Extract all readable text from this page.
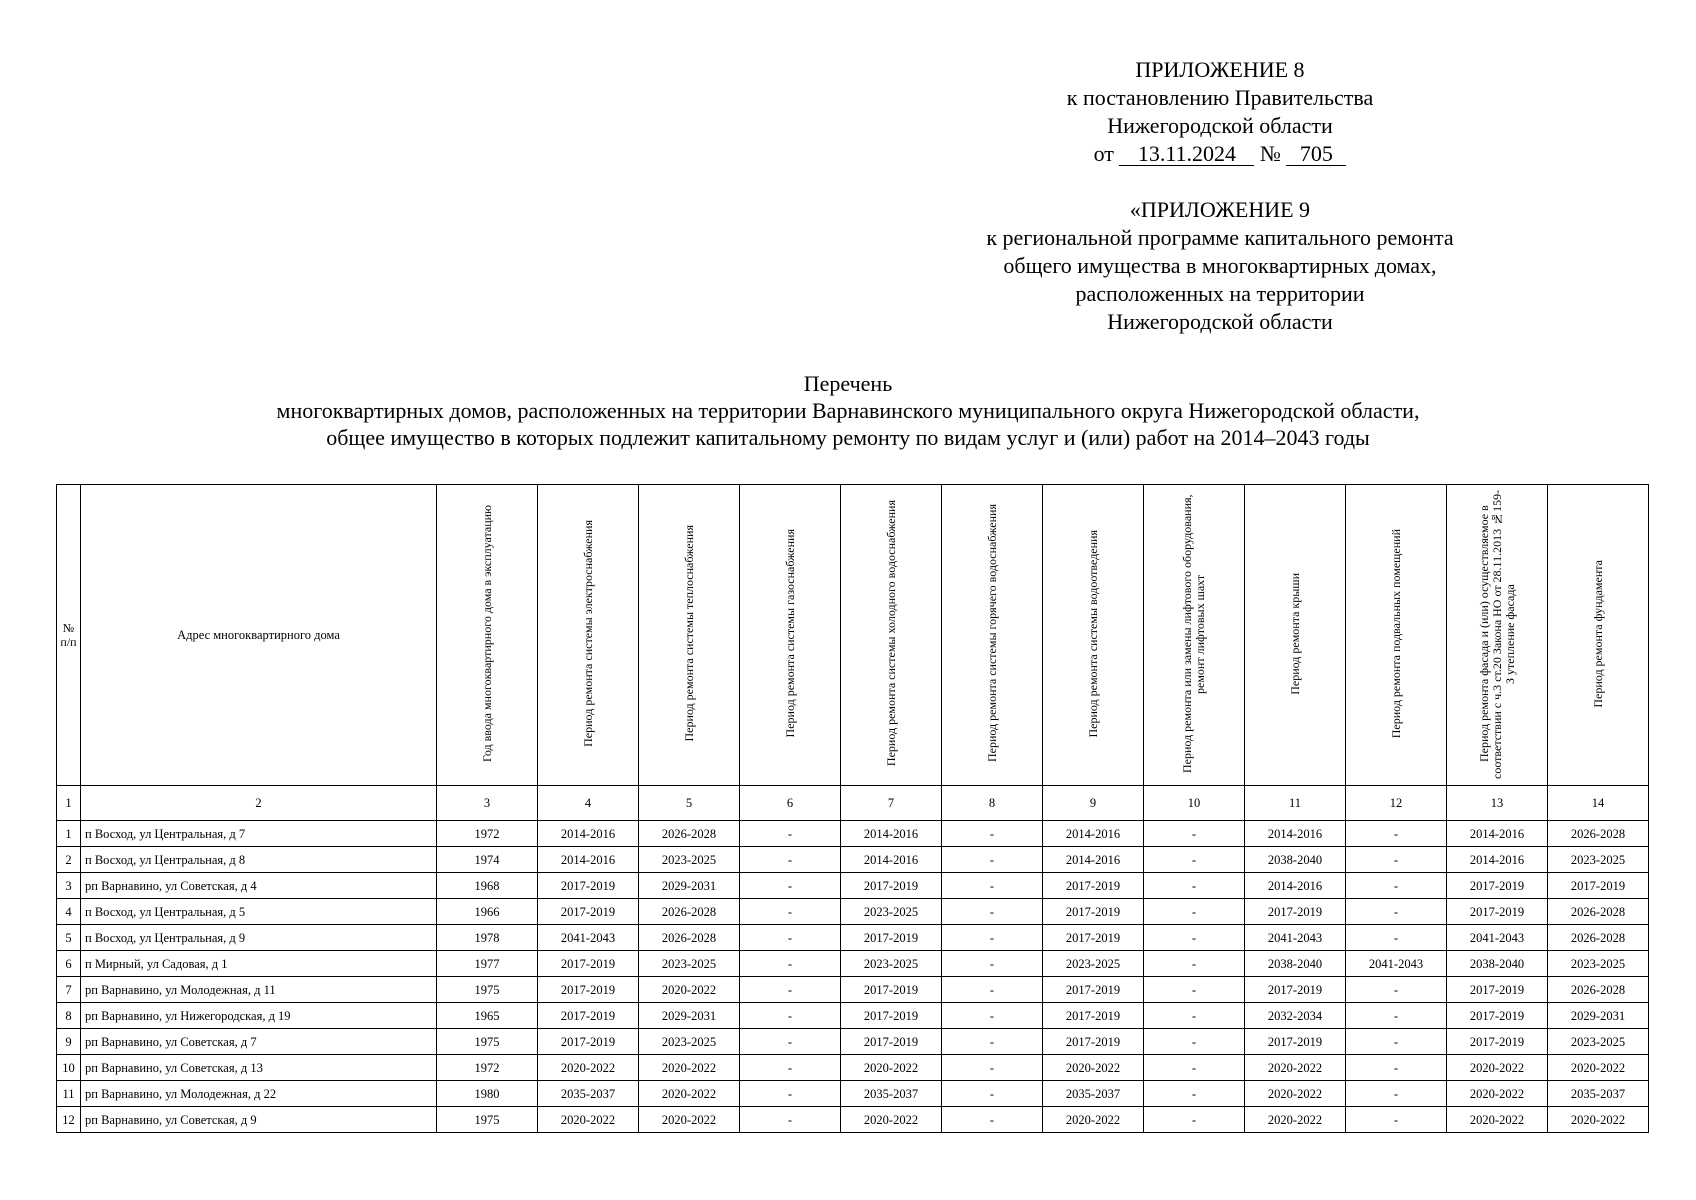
ПРИЛОЖЕНИЕ 8
к постановлению Правительства
Нижегородской области
от 13.11.2024 № 705
«ПРИЛОЖЕНИЕ 9
к региональной программе капитального ремонта
общего имущества в многоквартирных домах,
расположенных на территории
Нижегородской области
Перечень
многоквартирных домов, расположенных на территории Варнавинского муниципального округа Нижегородской области,
общее имущество в которых подлежит капитальному ремонту по видам услуг и (или) работ на 2014–2043 годы
№ п/п	Адрес многоквартирного дома	Год ввода многоквартирного дома в эксплуатацию	Период ремонта системы электроснабжения	Период ремонта системы теплоснабжения	Период ремонта системы газоснабжения	Период ремонта системы холодного водоснабжения	Период ремонта системы горячего водоснабжения	Период ремонта системы водоотведения	Период ремонта или замены лифтового оборудования, ремонт лифтовых шахт	Период ремонта крыши	Период ремонта подвальных помещений	Период ремонта фасада и (или) осуществляемое в соответствии с ч.3 ст.20 Закона НО от 28.11.2013 №159-З утепление фасада	Период ремонта фундамента
1	2	3	4	5	6	7	8	9	10	11	12	13	14
1	п Восход, ул Центральная, д 7	1972	2014-2016	2026-2028	-	2014-2016	-	2014-2016	-	2014-2016	-	2014-2016	2026-2028
2	п Восход, ул Центральная, д 8	1974	2014-2016	2023-2025	-	2014-2016	-	2014-2016	-	2038-2040	-	2014-2016	2023-2025
3	рп Варнавино, ул Советская, д 4	1968	2017-2019	2029-2031	-	2017-2019	-	2017-2019	-	2014-2016	-	2017-2019	2017-2019
4	п Восход, ул Центральная, д 5	1966	2017-2019	2026-2028	-	2023-2025	-	2017-2019	-	2017-2019	-	2017-2019	2026-2028
5	п Восход, ул Центральная, д 9	1978	2041-2043	2026-2028	-	2017-2019	-	2017-2019	-	2041-2043	-	2041-2043	2026-2028
6	п Мирный, ул Садовая, д 1	1977	2017-2019	2023-2025	-	2023-2025	-	2023-2025	-	2038-2040	2041-2043	2038-2040	2023-2025
7	рп Варнавино, ул Молодежная, д 11	1975	2017-2019	2020-2022	-	2017-2019	-	2017-2019	-	2017-2019	-	2017-2019	2026-2028
8	рп Варнавино, ул Нижегородская, д 19	1965	2017-2019	2029-2031	-	2017-2019	-	2017-2019	-	2032-2034	-	2017-2019	2029-2031
9	рп Варнавино, ул Советская, д 7	1975	2017-2019	2023-2025	-	2017-2019	-	2017-2019	-	2017-2019	-	2017-2019	2023-2025
10	рп Варнавино, ул Советская, д 13	1972	2020-2022	2020-2022	-	2020-2022	-	2020-2022	-	2020-2022	-	2020-2022	2020-2022
11	рп Варнавино, ул Молодежная, д 22	1980	2035-2037	2020-2022	-	2035-2037	-	2035-2037	-	2020-2022	-	2020-2022	2035-2037
12	рп Варнавино, ул Советская, д 9	1975	2020-2022	2020-2022	-	2020-2022	-	2020-2022	-	2020-2022	-	2020-2022	2020-2022
